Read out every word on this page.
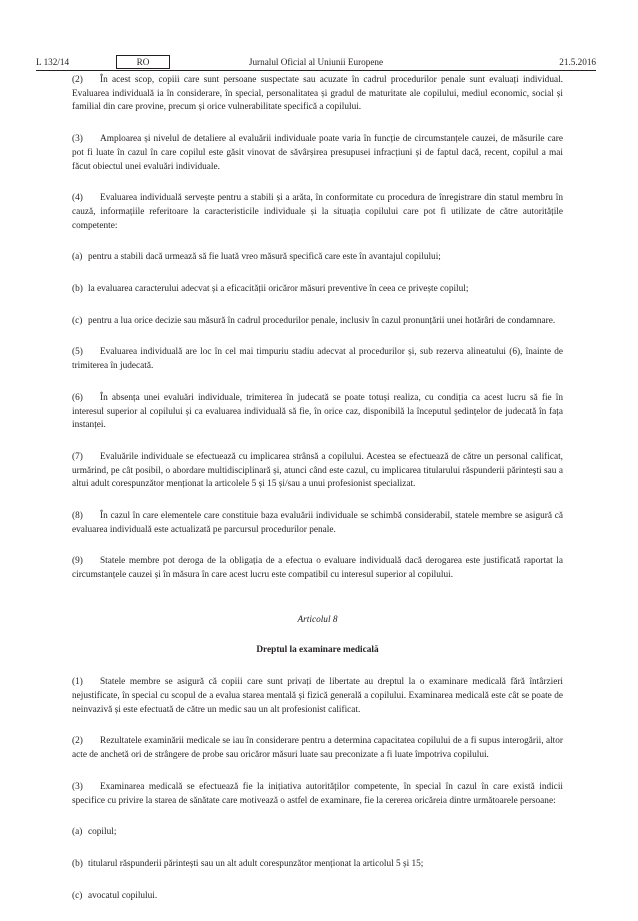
L 132/14	Jurnalul Oficial al Uniunii Europene
RO	21.5.2016

(2) În acest scop, copiii care sunt persoane suspectate sau acuzate în cadrul procedurilor penale sunt evaluați individual. Evaluarea individuală ia în considerare, în special, personalitatea și gradul de maturitate ale copilului, mediul economic, social și familial din care provine, precum și orice vulnerabilitate specifică a copilului.

(3) Amploarea și nivelul de detaliere al evaluării individuale poate varia în funcție de circumstanțele cauzei, de măsurile care pot fi luate în cazul în care copilul este găsit vinovat de săvârșirea presupusei infracțiuni și de faptul dacă, recent, copilul a mai făcut obiectul unei evaluări individuale.

(4) Evaluarea individuală servește pentru a stabili și a arăta, în conformitate cu procedura de înregistrare din statul membru în cauză, informațiile referitoare la caracteristicile individuale și la situația copilului care pot fi utilizate de către autoritățile competente:

(a) pentru a stabili dacă urmează să fie luată vreo măsură specifică care este în avantajul copilului;

(b) la evaluarea caracterului adecvat și a eficacității oricăror măsuri preventive în ceea ce privește copilul;

(c) pentru a lua orice decizie sau măsură în cadrul procedurilor penale, inclusiv în cazul pronunțării unei hotărâri de condamnare.

(5) Evaluarea individuală are loc în cel mai timpuriu stadiu adecvat al procedurilor și, sub rezerva alineatului (6), înainte de trimiterea în judecată.

(6) În absența unei evaluări individuale, trimiterea în judecată se poate totuși realiza, cu condiția ca acest lucru să fie în interesul superior al copilului și ca evaluarea individuală să fie, în orice caz, disponibilă la începutul ședințelor de judecată în fața instanței.

(7) Evaluările individuale se efectuează cu implicarea strânsă a copilului. Acestea se efectuează de către un personal calificat, urmărind, pe cât posibil, o abordare multidisciplinară și, atunci când este cazul, cu implicarea titularului răspunderii părintești sau a altui adult corespunzător menționat la articolele 5 și 15 și/sau a unui profesionist specializat.

(8) În cazul în care elementele care constituie baza evaluării individuale se schimbă considerabil, statele membre se asigură că evaluarea individuală este actualizată pe parcursul procedurilor penale.

(9) Statele membre pot deroga de la obligația de a efectua o evaluare individuală dacă derogarea este justificată raportat la circumstanțele cauzei și în măsura în care acest lucru este compatibil cu interesul superior al copilului.

Articolul 8

Dreptul la examinare medicală

(1) Statele membre se asigură că copiii care sunt privați de libertate au dreptul la o examinare medicală fără întârzieri nejustificate, în special cu scopul de a evalua starea mentală și fizică generală a copilului. Examinarea medicală este cât se poate de neinvazivă și este efectuată de către un medic sau un alt profesionist calificat.

(2) Rezultatele examinării medicale se iau în considerare pentru a determina capacitatea copilului de a fi supus interogării, altor acte de anchetă ori de strângere de probe sau oricăror măsuri luate sau preconizate a fi luate împotriva copilului.

(3) Examinarea medicală se efectuează fie la inițiativa autorităților competente, în special în cazul în care există indicii specifice cu privire la starea de sănătate care motivează o astfel de examinare, fie la cererea oricăreia dintre următoarele persoane:

(a) copilul;

(b) titularul răspunderii părintești sau un alt adult corespunzător menționat la articolul 5 și 15;

(c) avocatul copilului.
